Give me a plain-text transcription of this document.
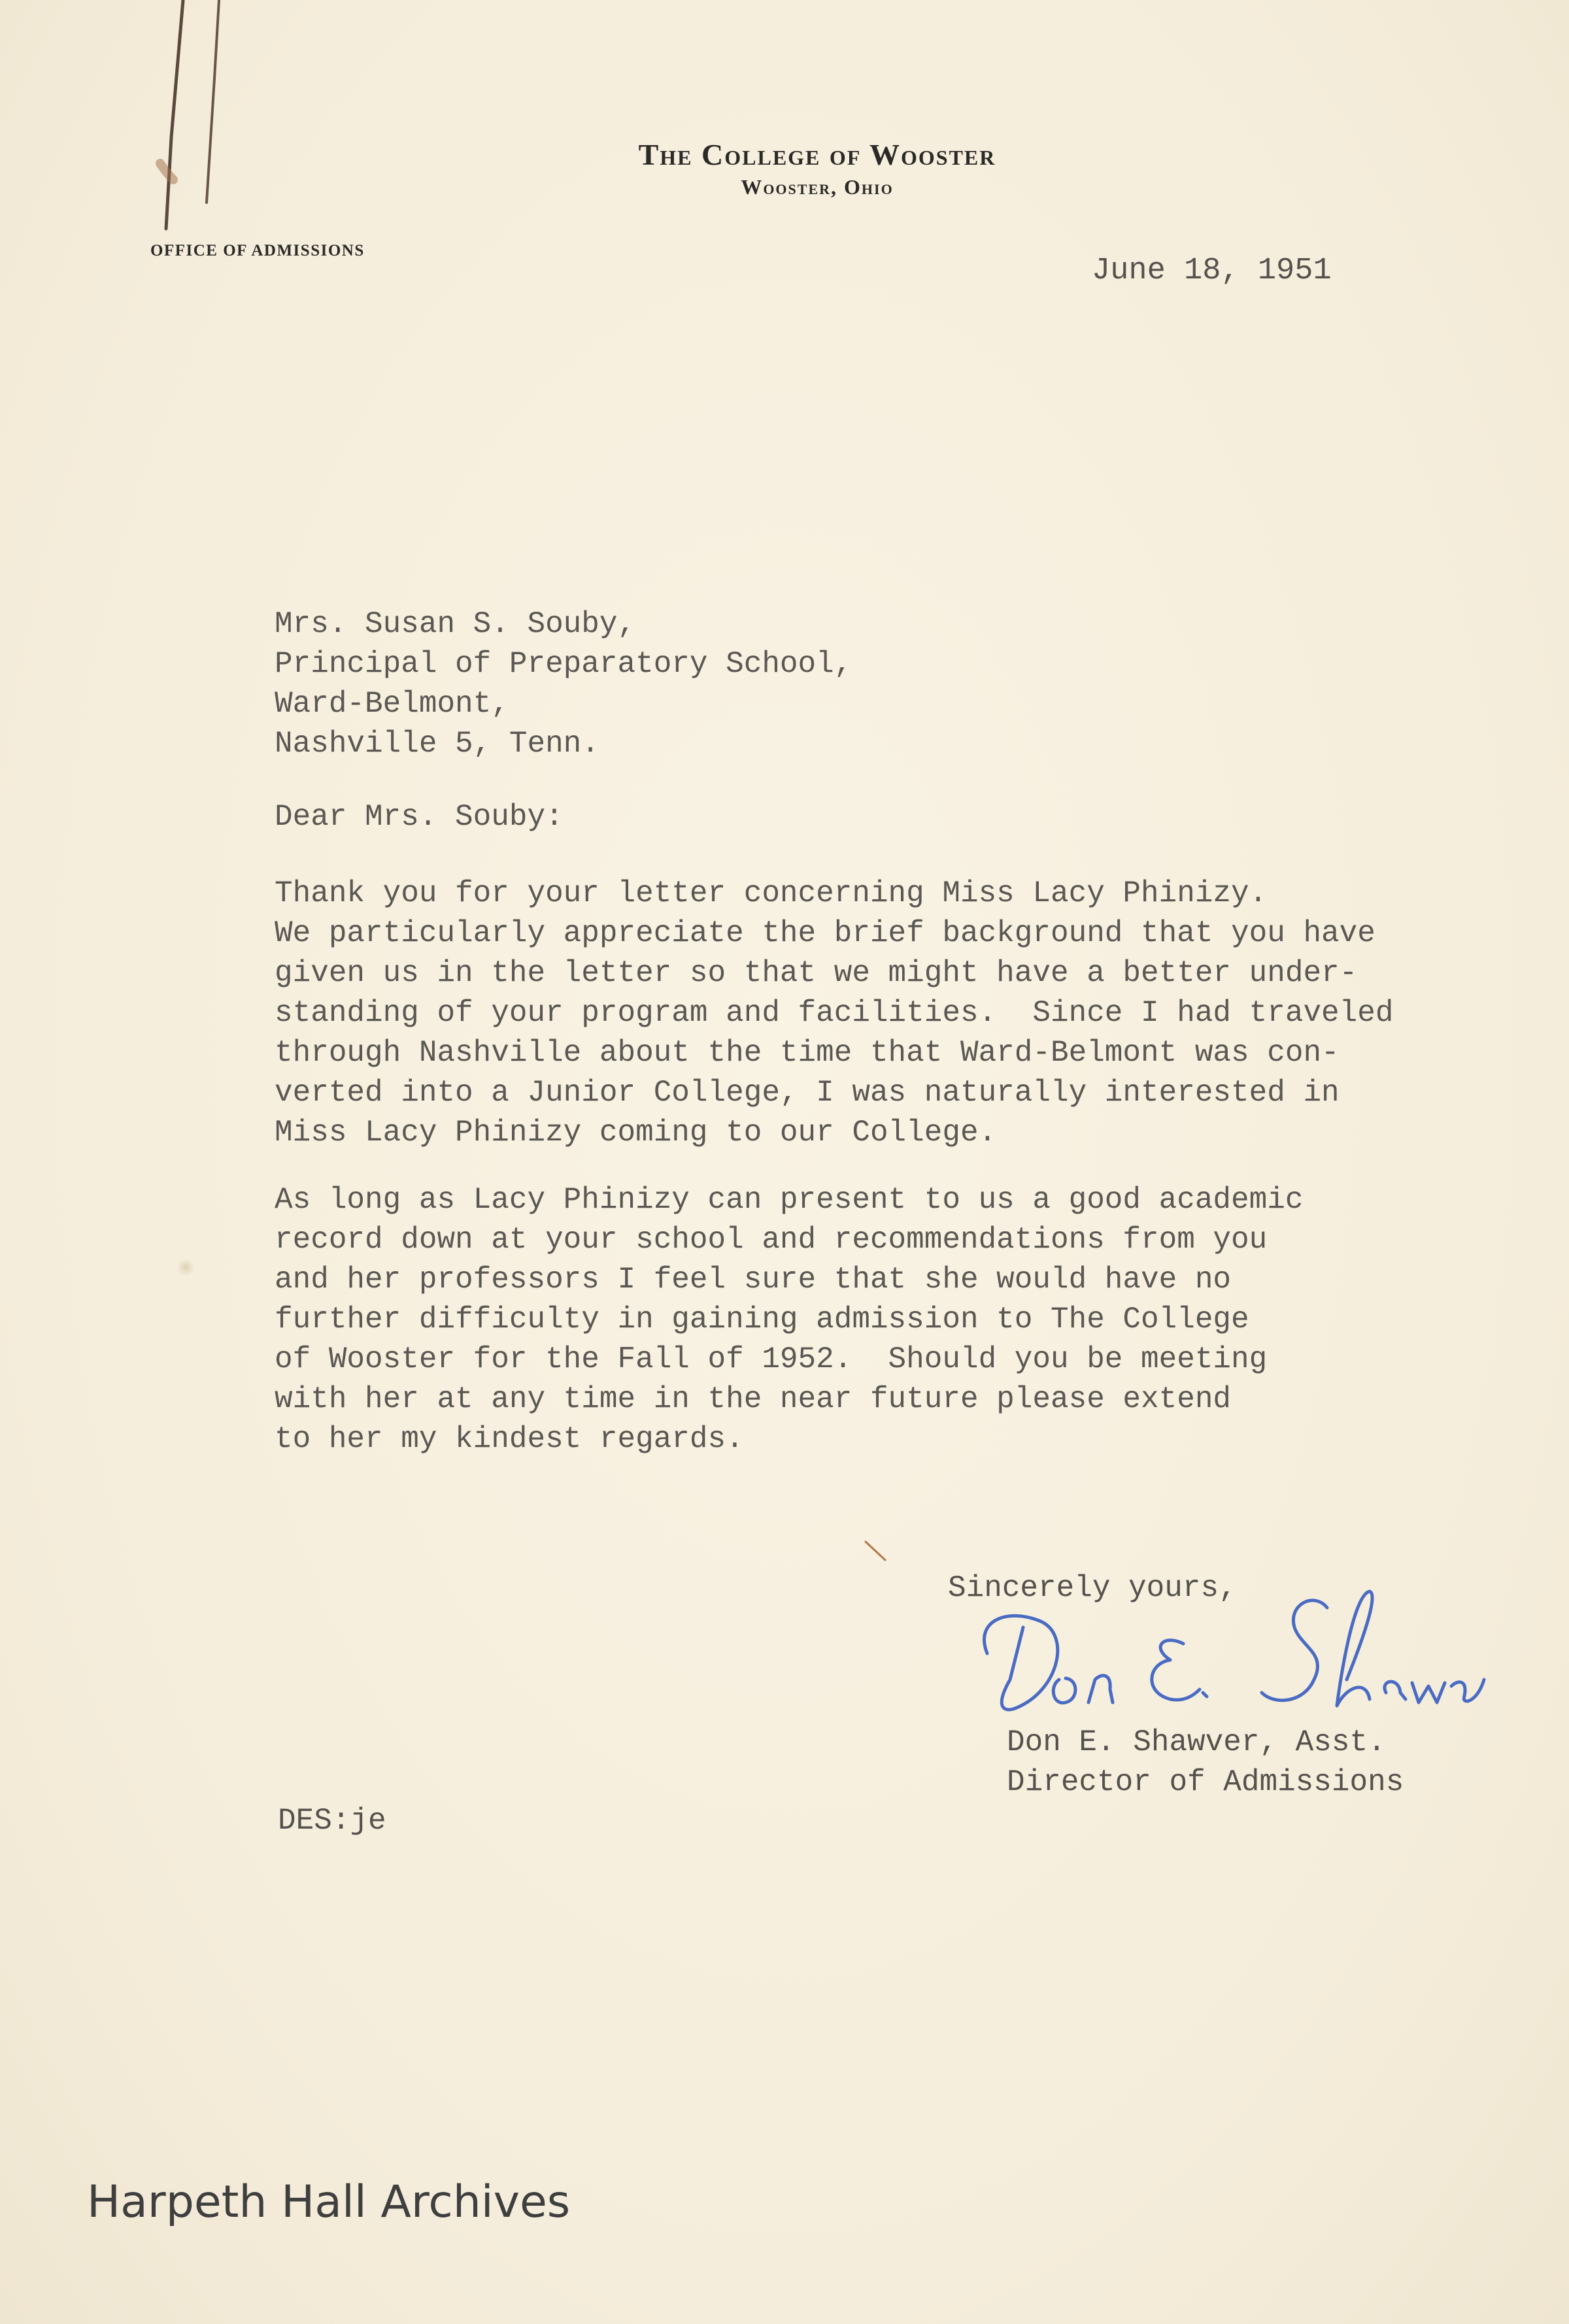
The College of Wooster
Wooster, Ohio
OFFICE OF ADMISSIONS
June 18, 1951
Mrs. Susan S. Souby,
Principal of Preparatory School,
Ward-Belmont,
Nashville 5, Tenn.
Dear Mrs. Souby:
Thank you for your letter concerning Miss Lacy Phinizy.
We particularly appreciate the brief background that you have
given us in the letter so that we might have a better under-
standing of your program and facilities.  Since I had traveled
through Nashville about the time that Ward-Belmont was con-
verted into a Junior College, I was naturally interested in
Miss Lacy Phinizy coming to our College.
As long as Lacy Phinizy can present to us a good academic
record down at your school and recommendations from you
and her professors I feel sure that she would have no
further difficulty in gaining admission to The College
of Wooster for the Fall of 1952.  Should you be meeting
with her at any time in the near future please extend
to her my kindest regards.
Sincerely yours,
Don E. Shawver, Asst.
Director of Admissions
DES:je
Harpeth Hall Archives
